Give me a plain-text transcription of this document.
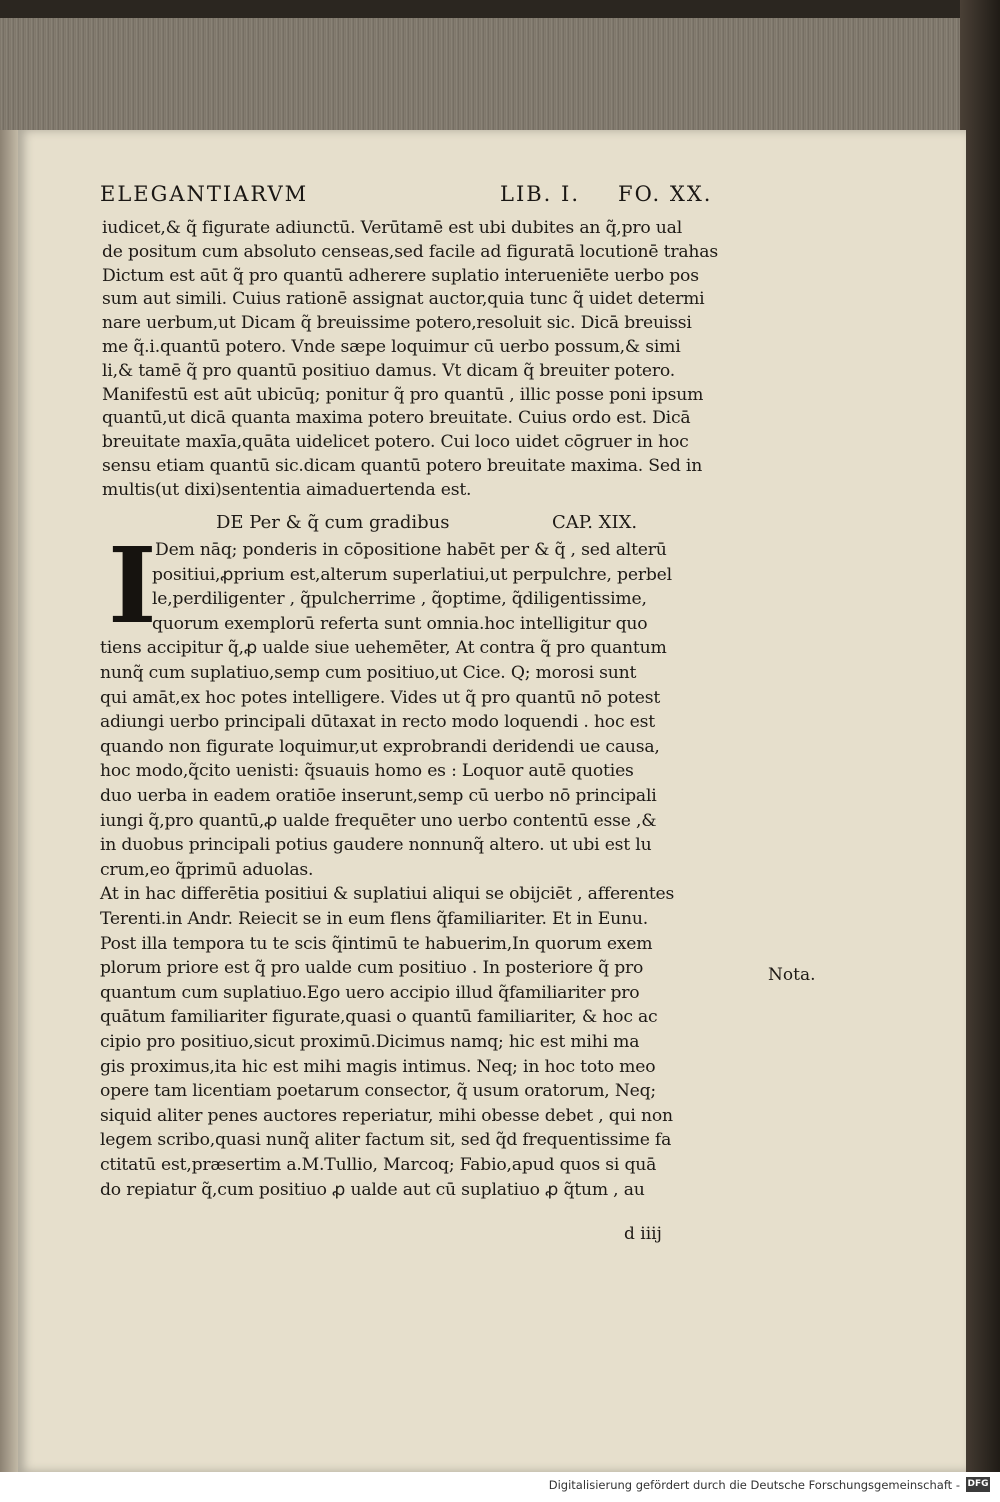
ELEGANTIARVM	LIB. I. FO. XX.
iudicet,& q̃ figurate adiunctū. Verūtamē est ubi dubites an q̃,pro ual
de positum cum absoluto censeas,sed facile ad figuratā locutionē trahas
Dictum est aūt q̃ pro quantū adherere suplatio interueniēte uerbo pos
sum aut simili. Cuius rationē assignat auctor,quia tunc q̃ uidet determi
nare uerbum,ut Dicam q̃ breuissime potero,resoluit sic. Dicā breuissi
me q̃.i.quantū potero. Vnde sæpe loquimur cū uerbo possum,& simi
li,& tamē q̃ pro quantū positiuo damus. Vt dicam q̃ breuiter potero.
Manifestū est aūt ubicūq; ponitur q̃ pro quantū , illic posse poni ipsum
quantū,ut dicā quanta maxima potero breuitate. Cuius ordo est. Dicā
breuitate maxīa,quāta uidelicet potero. Cui loco uidet cōgruer in hoc
sensu etiam quantū sic.dicam quantū potero breuitate maxima. Sed in
multis(ut dixi)sententia aimaduertenda est.
DE Per & q̃ cum gradibus	CAP. XIX.
I
Dem nāq; ponderis in cōpositione habēt per & q̃ , sed alterū
positiui,ꝓprium est,alterum superlatiui,ut perpulchre, perbel
le,perdiligenter , q̃pulcherrime , q̃optime, q̃diligentissime,
quorum exemplorū referta sunt omnia.hoc intelligitur quo
tiens accipitur q̃,ꝓ ualde siue uehemēter, At contra q̃ pro quantum
nunq̃ cum suplatiuo,semp cum positiuo,ut Cice. Q; morosi sunt
qui amāt,ex hoc potes intelligere. Vides ut q̃ pro quantū nō potest
adiungi uerbo principali dūtaxat in recto modo loquendi . hoc est
quando non figurate loquimur,ut exprobrandi deridendi ue causa,
hoc modo,q̃cito uenisti: q̃suauis homo es : Loquor autē quoties
duo uerba in eadem oratiōe inserunt,semp cū uerbo nō principali
iungi q̃,pro quantū,ꝓ ualde frequēter uno uerbo contentū esse ,&
in duobus principali potius gaudere nonnunq̃ altero. ut ubi est lu
crum,eo q̃primū aduolas.
At in hac differētia positiui & suplatiui aliqui se obijciēt , afferentes
Terenti.in Andr. Reiecit se in eum flens q̃familiariter. Et in Eunu.
Post illa tempora tu te scis q̃intimū te habuerim,In quorum exem
plorum priore est q̃ pro ualde cum positiuo . In posteriore q̃ pro
quantum cum suplatiuo.Ego uero accipio illud q̃familiariter pro
quātum familiariter figurate,quasi o quantū familiariter, & hoc ac
cipio pro positiuo,sicut proximū.Dicimus namq; hic est mihi ma
gis proximus,ita hic est mihi magis intimus. Neq; in hoc toto meo
opere tam licentiam poetarum consector, q̃ usum oratorum, Neq;
siquid aliter penes auctores reperiatur, mihi obesse debet , qui non
legem scribo,quasi nunq̃ aliter factum sit, sed q̃d frequentissime fa
ctitatū est,præsertim a.M.Tullio, Marcoq; Fabio,apud quos si quā
do repiatur q̃,cum positiuo ꝓ ualde aut cū suplatiuo ꝓ q̃tum , au
Nota.
d iiij
Digitalisierung gefördert durch die Deutsche Forschungsgemeinschaft - DFG
